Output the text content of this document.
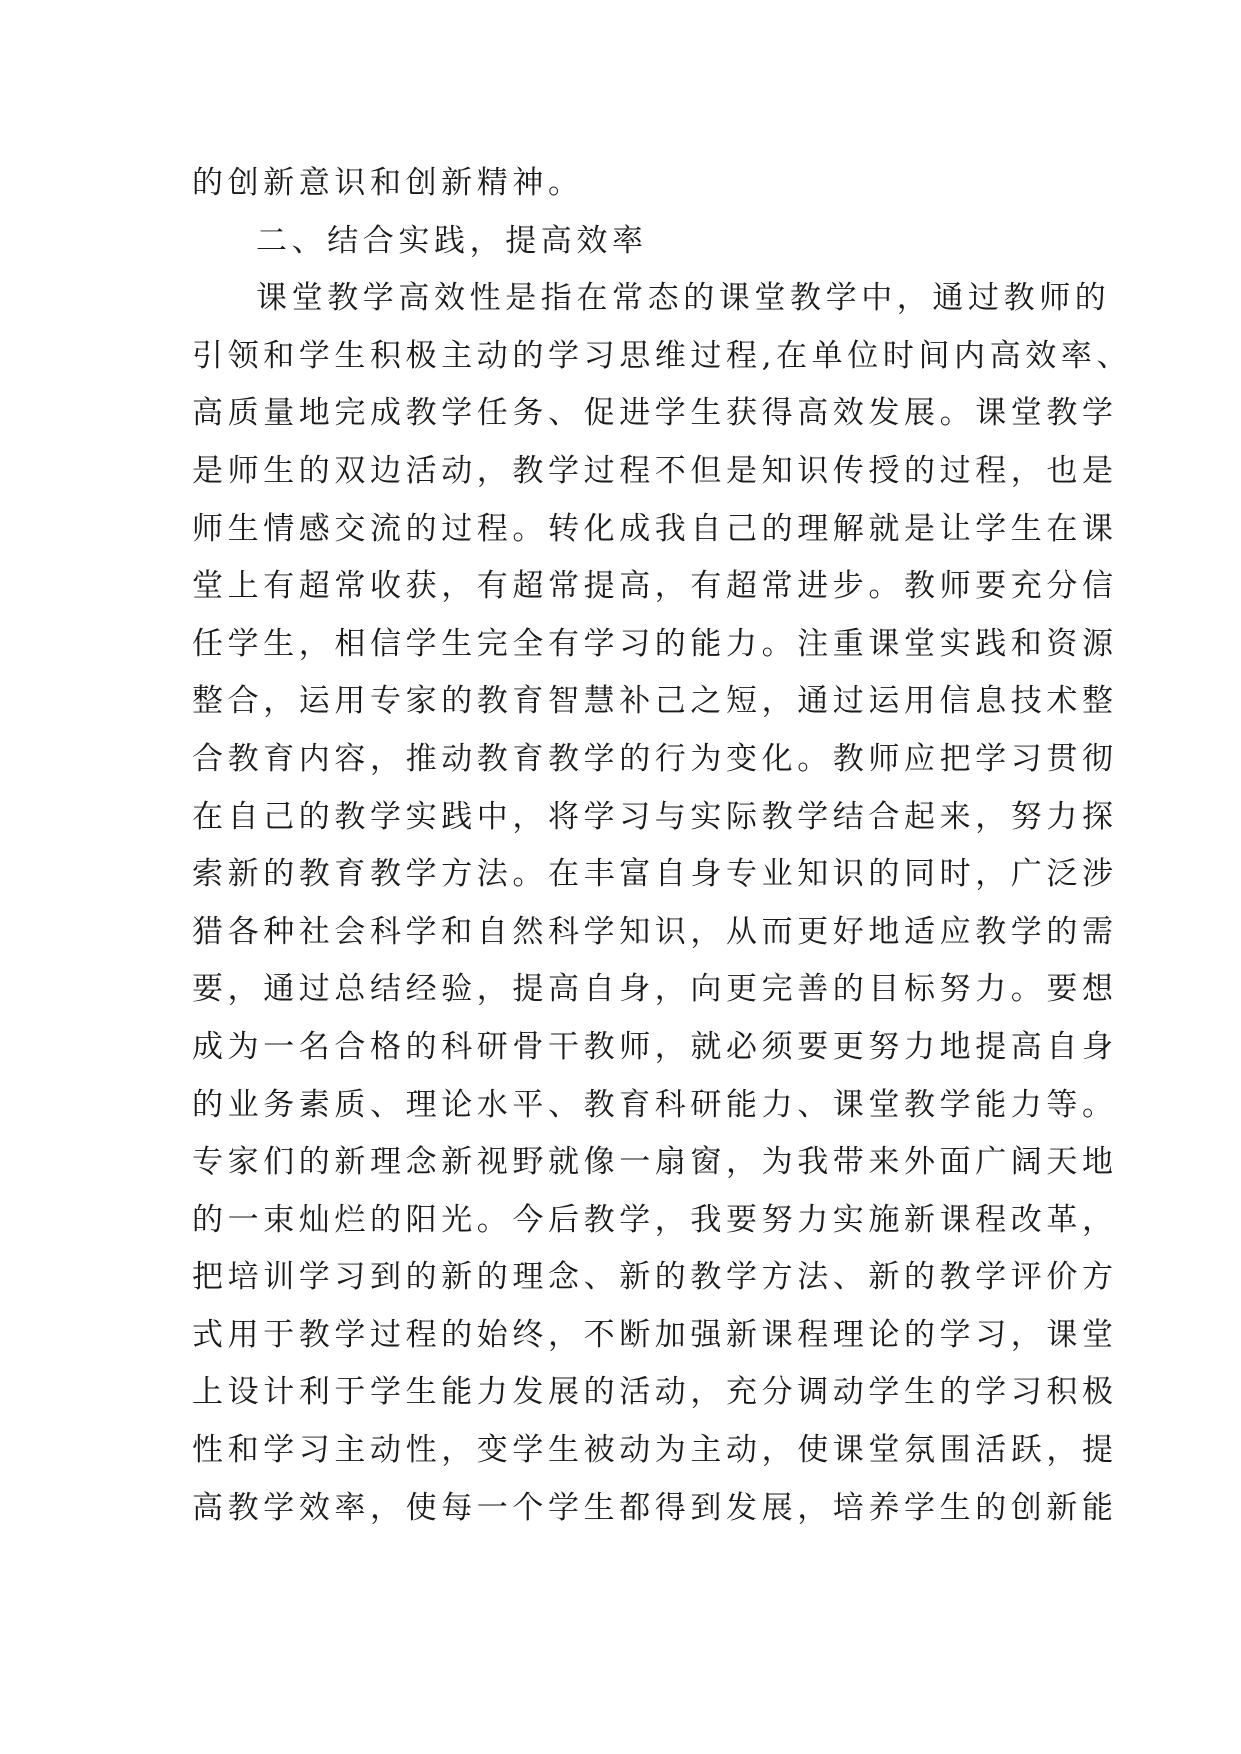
的创新意识和创新精神。
二、结合实践，提高效率
课堂教学高效性是指在常态的课堂教学中，通过教师的
引领和学生积极主动的学习思维过程,在单位时间内高效率、
高质量地完成教学任务、促进学生获得高效发展。课堂教学
是师生的双边活动，教学过程不但是知识传授的过程，也是
师生情感交流的过程。转化成我自己的理解就是让学生在课
堂上有超常收获，有超常提高，有超常进步。教师要充分信
任学生，相信学生完全有学习的能力。注重课堂实践和资源
整合，运用专家的教育智慧补己之短，通过运用信息技术整
合教育内容，推动教育教学的行为变化。教师应把学习贯彻
在自己的教学实践中，将学习与实际教学结合起来，努力探
索新的教育教学方法。在丰富自身专业知识的同时，广泛涉
猎各种社会科学和自然科学知识，从而更好地适应教学的需
要，通过总结经验，提高自身，向更完善的目标努力。要想
成为一名合格的科研骨干教师，就必须要更努力地提高自身
的业务素质、理论水平、教育科研能力、课堂教学能力等。
专家们的新理念新视野就像一扇窗，为我带来外面广阔天地
的一束灿烂的阳光。今后教学，我要努力实施新课程改革，
把培训学习到的新的理念、新的教学方法、新的教学评价方
式用于教学过程的始终，不断加强新课程理论的学习，课堂
上设计利于学生能力发展的活动，充分调动学生的学习积极
性和学习主动性，变学生被动为主动，使课堂氛围活跃，提
高教学效率，使每一个学生都得到发展，培养学生的创新能
